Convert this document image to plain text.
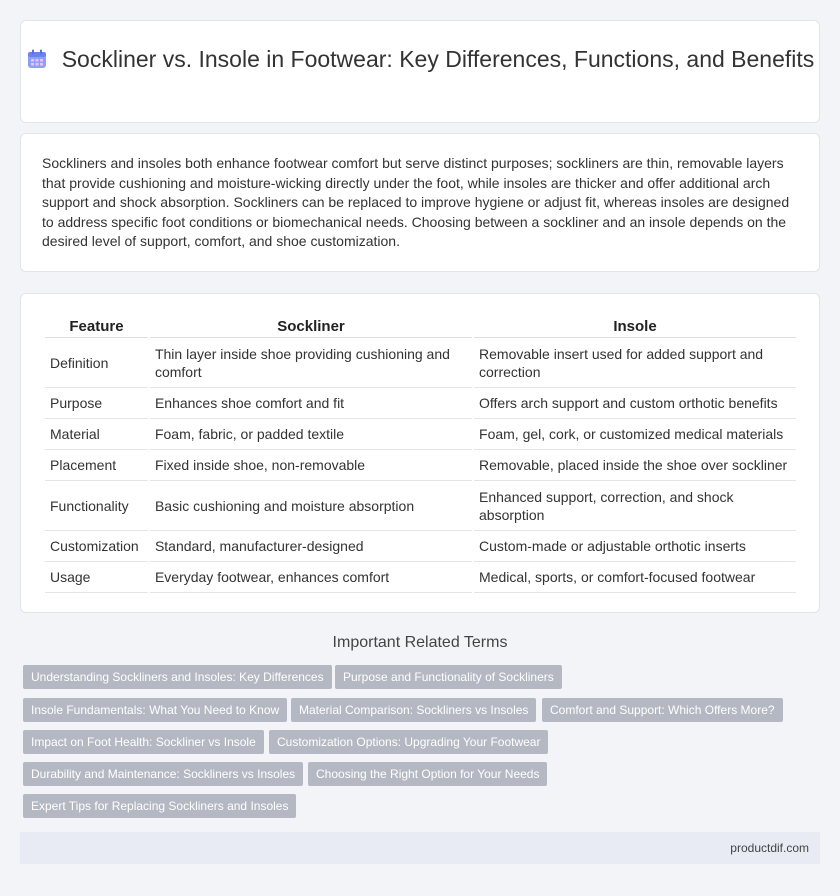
Sockliner vs. Insole in Footwear: Key Differences, Functions, and Benefits

Sockliners and insoles both enhance footwear comfort but serve distinct purposes; sockliners are thin, removable layers that provide cushioning and moisture-wicking directly under the foot, while insoles are thicker and offer additional arch support and shock absorption. Sockliners can be replaced to improve hygiene or adjust fit, whereas insoles are designed to address specific foot conditions or biomechanical needs. Choosing between a sockliner and an insole depends on the desired level of support, comfort, and shoe customization.

Feature	Sockliner	Insole
Definition	Thin layer inside shoe providing cushioning and comfort	Removable insert used for added support and correction
Purpose	Enhances shoe comfort and fit	Offers arch support and custom orthotic benefits
Material	Foam, fabric, or padded textile	Foam, gel, cork, or customized medical materials
Placement	Fixed inside shoe, non-removable	Removable, placed inside the shoe over sockliner
Functionality	Basic cushioning and moisture absorption	Enhanced support, correction, and shock absorption
Customization	Standard, manufacturer-designed	Custom-made or adjustable orthotic inserts
Usage	Everyday footwear, enhances comfort	Medical, sports, or comfort-focused footwear
Important Related Terms
Understanding Sockliners and Insoles: Key Differences	Purpose and Functionality of Sockliners
Insole Fundamentals: What You Need to Know	Material Comparison: Sockliners vs Insoles	Comfort and Support: Which Offers More?
Impact on Foot Health: Sockliner vs Insole	Customization Options: Upgrading Your Footwear
Durability and Maintenance: Sockliners vs Insoles	Choosing the Right Option for Your Needs
Expert Tips for Replacing Sockliners and Insoles
productdif.com
